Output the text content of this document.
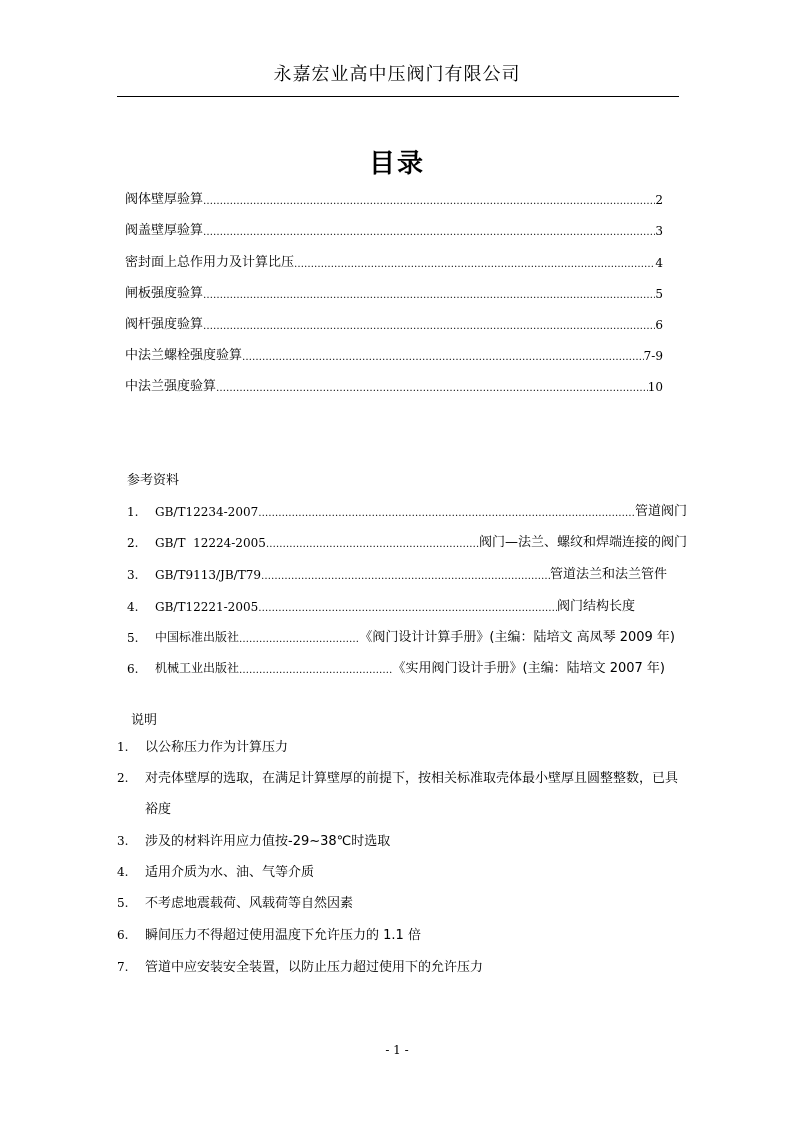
永嘉宏业高中压阀门有限公司
目录
阀体壁厚验算 ………………………………………………………………………………………………………………………………………………………………………………………………………	2
阀盖壁厚验算 ………………………………………………………………………………………………………………………………………………………………………………………………………	3
密封面上总作用力及计算比压 ………………………………………………………………………………………………………………………………………………………………………………………………………	4
闸板强度验算 ………………………………………………………………………………………………………………………………………………………………………………………………………	5
阀杆强度验算 ………………………………………………………………………………………………………………………………………………………………………………………………………	6
中法兰螺栓强度验算 ………………………………………………………………………………………………………………………………………………………………………………………………………	7-9
中法兰强度验算 ………………………………………………………………………………………………………………………………………………………………………………………………………	10
参考资料
1.	GB/T12234-2007 ………………………………………………………………………………………………………………………………………………………………………………………………………	管道阀门
2.	GB/T  12224-2005 ………………………………………………………………………………………………………………………………………………………………………………………………………	阀门—法兰、螺纹和焊端连接的阀门
3.	GB/T9113/JB/T79 ………………………………………………………………………………………………………………………………………………………………………………………………………	管道法兰和法兰管件
4.	GB/T12221-2005 ………………………………………………………………………………………………………………………………………………………………………………………………………	阀门结构长度
5.	中国标准出版社 ………………………………………………………………………………………………………………………………………………………………………………………………………	《阀门设计计算手册》(主编：陆培文 高凤琴 2009 年)
6.	机械工业出版社 ………………………………………………………………………………………………………………………………………………………………………………………………………	《实用阀门设计手册》(主编：陆培文 2007 年)
说明
1. 以公称压力作为计算压力
2. 对壳体壁厚的选取，在满足计算壁厚的前提下，按相关标准取壳体最小壁厚且圆整整数，已具裕度
3. 涉及的材料许用应力值按-29~38℃时选取
4. 适用介质为水、油、气等介质
5. 不考虑地震载荷、风载荷等自然因素
6. 瞬间压力不得超过使用温度下允许压力的 1.1 倍
7. 管道中应安装安全装置，以防止压力超过使用下的允许压力
- 1 -
